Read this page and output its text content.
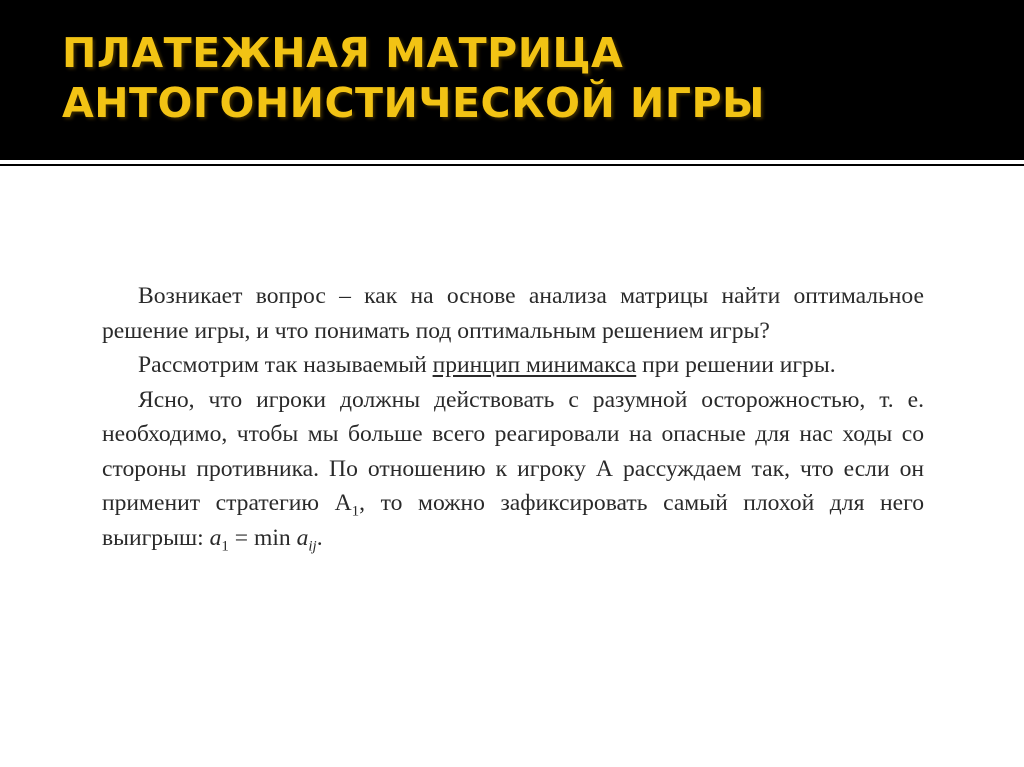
ПЛАТЕЖНАЯ МАТРИЦА
АНТОГОНИСТИЧЕСКОЙ ИГРЫ

Возникает вопрос – как на основе анализа матрицы найти оптимальное решение игры, и что понимать под оптимальным решением игры?

Рассмотрим так называемый принцип минимакса при решении игры.

Ясно, что игроки должны действовать с разумной осторожностью, т. е. необходимо, чтобы мы больше всего реагировали на опасные для нас ходы со стороны противника. По отношению к игроку А рассуждаем так, что если он применит стратегию $А_1$, то можно зафиксировать самый плохой для него выигрыш: $a_1 = \min a_{ij}$.
